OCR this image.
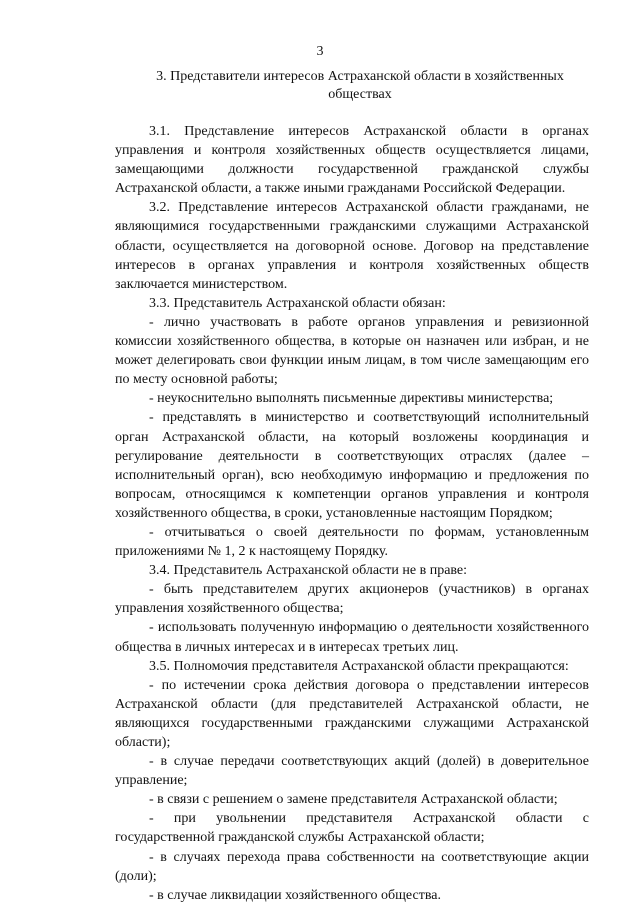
3
3. Представители интересов Астраханской области в хозяйственных обществах

3.1. Представление интересов Астраханской области в органах управления и контроля хозяйственных обществ осуществляется лицами, замещающими должности государственной гражданской службы Астраханской области, а также иными гражданами Российской Федерации.

3.2. Представление интересов Астраханской области гражданами, не являющимися государственными гражданскими служащими Астраханской области, осуществляется на договорной основе. Договор на представление интересов в органах управления и контроля хозяйственных обществ заключается министерством.

3.3. Представитель Астраханской области обязан:

- лично участвовать в работе органов управления и ревизионной комиссии хозяйственного общества, в которые он назначен или избран, и не может делегировать свои функции иным лицам, в том числе замещающим его по месту основной работы;

- неукоснительно выполнять письменные директивы министерства;

- представлять в министерство и соответствующий исполнительный орган Астраханской области, на который возложены координация и регулирование деятельности в соответствующих отраслях (далее – исполнительный орган), всю необходимую информацию и предложения по вопросам, относящимся к компетенции органов управления и контроля хозяйственного общества, в сроки, установленные настоящим Порядком;

- отчитываться о своей деятельности по формам, установленным приложениями № 1, 2 к настоящему Порядку.

3.4. Представитель Астраханской области не в праве:

- быть представителем других акционеров (участников) в органах управления хозяйственного общества;

- использовать полученную информацию о деятельности хозяйственного общества в личных интересах и в интересах третьих лиц.

3.5. Полномочия представителя Астраханской области прекращаются:

- по истечении срока действия договора о представлении интересов Астраханской области (для представителей Астраханской области, не являющихся государственными гражданскими служащими Астраханской области);

- в случае передачи соответствующих акций (долей) в доверительное управление;

- в связи с решением о замене представителя Астраханской области;

- при увольнении представителя Астраханской области с государственной гражданской службы Астраханской области;

- в случаях перехода права собственности на соответствующие акции (доли);

- в случае ликвидации хозяйственного общества.
